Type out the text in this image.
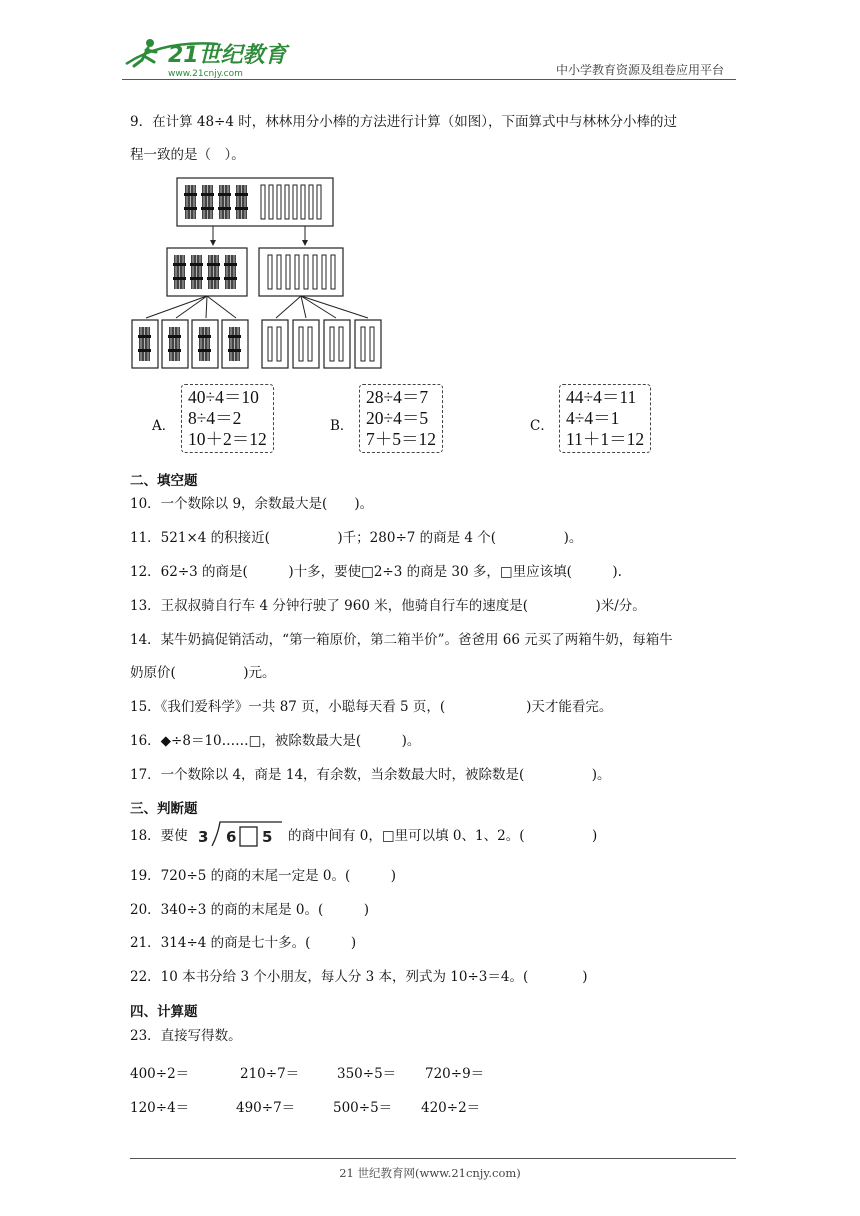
21世纪教育
www.21cnjy.com	中小学教育资源及组卷应用平台
9．在计算 48÷4 时，林林用分小棒的方法进行计算（如图），下面算式中与林林分小棒的过
程一致的是（　）。
A．
40÷4＝10
8÷4＝2
10＋2＝12
B．
28÷4＝7
20÷4＝5
7＋5＝12
C．
44÷4＝11
4÷4＝1
11＋1＝12
二、填空题
10．一个数除以 9，余数最大是(　　)。
11．521×4 的积接近(　　　　　)千；280÷7 的商是 4 个(　　　　　)。
12．62÷3 的商是(　　　)十多，要使□2÷3 的商是 30 多，□里应该填(　　　).
13．王叔叔骑自行车 4 分钟行驶了 960 米，他骑自行车的速度是(　　　　　)米/分。
14．某牛奶搞促销活动，“第一箱原价，第二箱半价”。爸爸用 66 元买了两箱牛奶，每箱牛
奶原价(　　　　　)元。
15．《我们爱科学》一共 87 页，小聪每天看 5 页，(　　　　　　)天才能看完。
16．◆÷8＝10……□，被除数最大是(　　　)。
17．一个数除以 4，商是 14，有余数，当余数最大时，被除数是(　　　　　)。
三、判断题
18．要使 3 6 5 的商中间有 0，□里可以填 0、1、2。(　　　　　)
19．720÷5 的商的末尾一定是 0。(　　　)
20．340÷3 的商的末尾是 0。(　　　)
21．314÷4 的商是七十多。(　　　)
22．10 本书分给 3 个小朋友，每人分 3 本，列式为 10÷3＝4。(　　　　)
四、计算题
23．直接写得数。
400÷2＝	210÷7＝	350÷5＝ 720÷9＝
120÷4＝	490÷7＝	500÷5＝ 420÷2＝
21 世纪教育网(www.21cnjy.com)
